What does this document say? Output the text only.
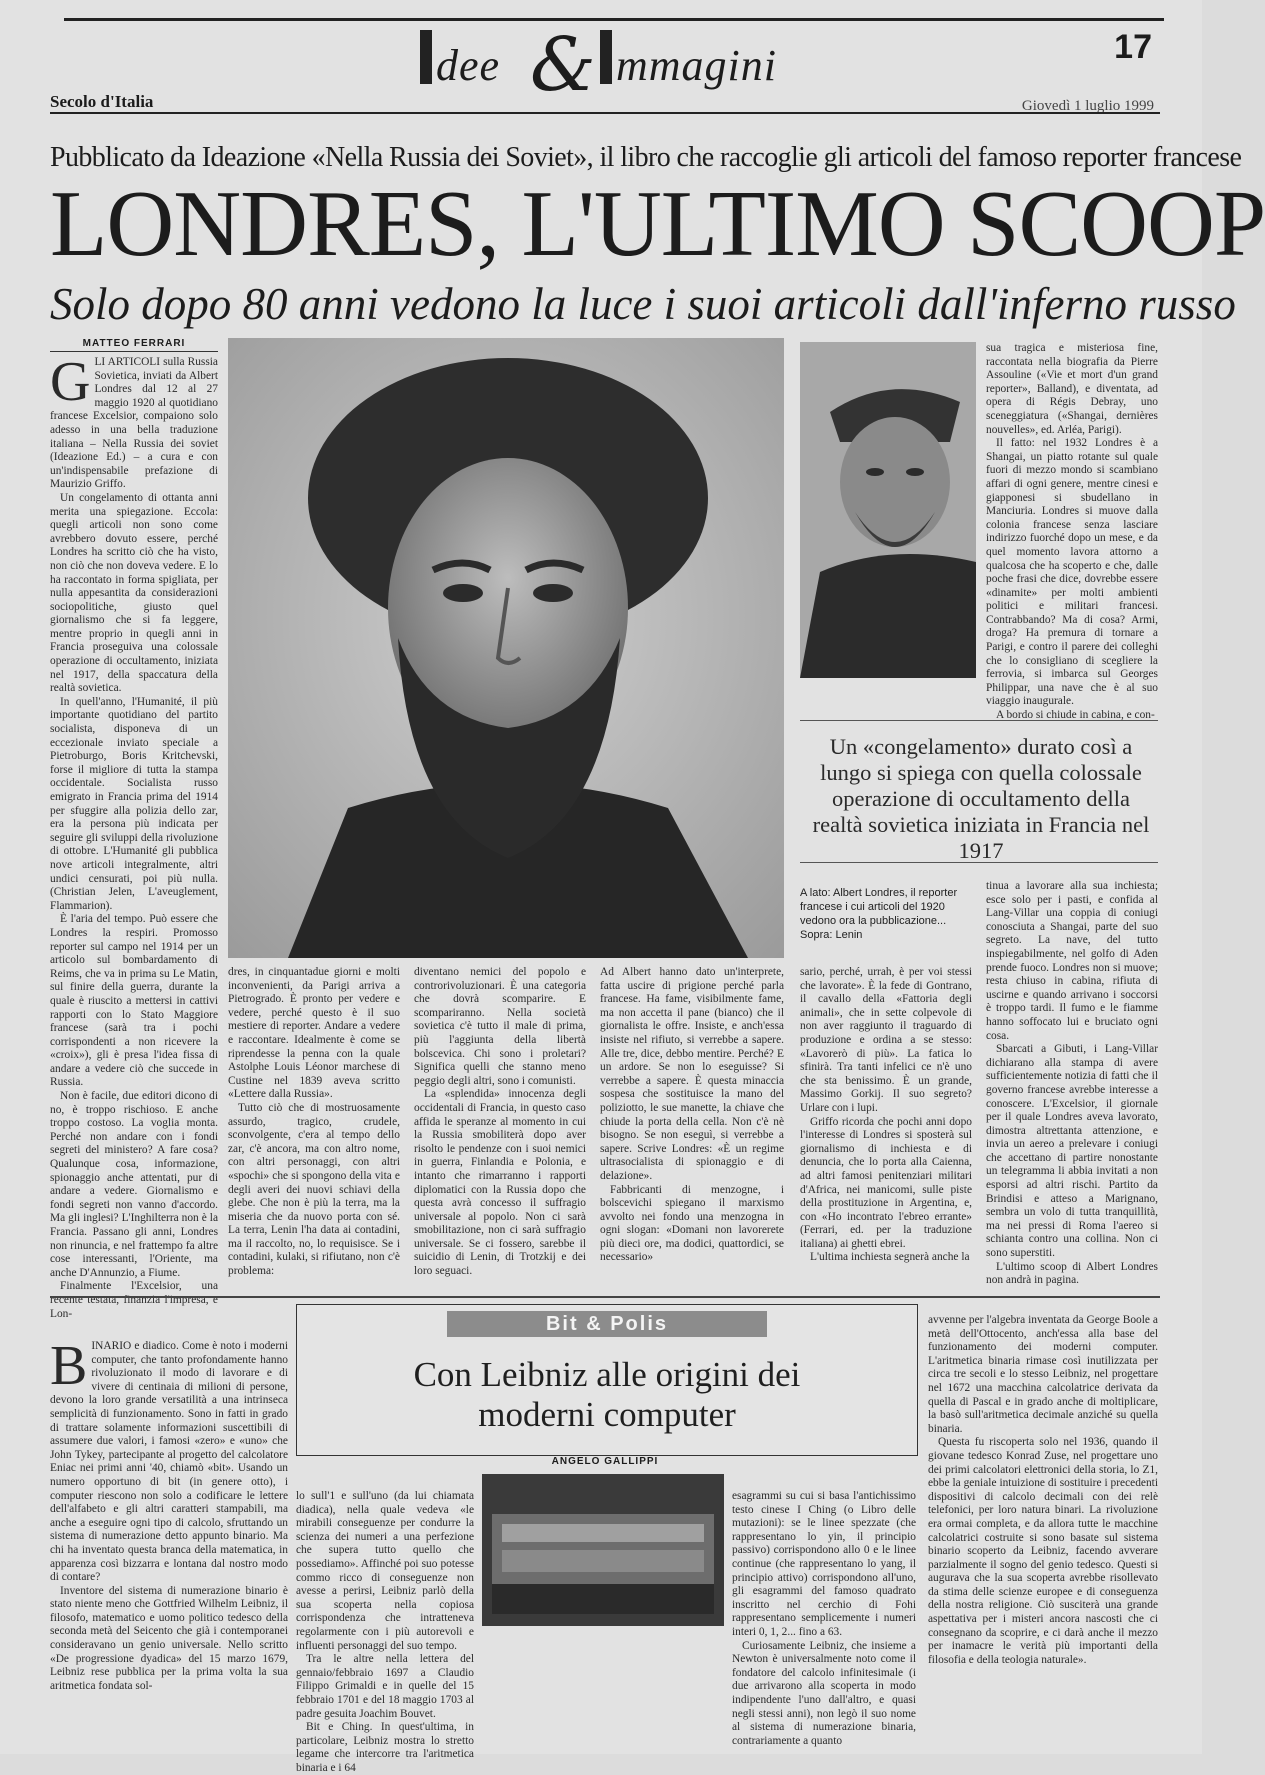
dee & mmagini	17
Secolo d'Italia	Giovedì 1 luglio 1999
Pubblicato da Ideazione «Nella Russia dei Soviet», il libro che raccoglie gli articoli del famoso reporter francese
LONDRES, L'ULTIMO SCOOP
Solo dopo 80 anni vedono la luce i suoi articoli dall'inferno russo
MATTEO FERRARI
G LI ARTICOLI sulla Russia Sovietica, inviati da Albert Londres dal 12 al 27 maggio 1920 al quotidiano francese Excelsior, compaiono solo adesso in una bella traduzione italiana – Nella Russia dei soviet (Ideazione Ed.) – a cura e con un'indispensabile prefazione di Maurizio Griffo.

Un congelamento di ottanta anni merita una spiegazione. Eccola: quegli articoli non sono come avrebbero dovuto essere, perché Londres ha scritto ciò che ha visto, non ciò che non doveva vedere. E lo ha raccontato in forma spigliata, per nulla appesantita da considerazioni sociopolitiche, giusto quel giornalismo che si fa leggere, mentre proprio in quegli anni in Francia proseguiva una colossale operazione di occultamento, iniziata nel 1917, della spaccatura della realtà sovietica.

In quell'anno, l'Humanité, il più importante quotidiano del partito socialista, disponeva di un eccezionale inviato speciale a Pietroburgo, Boris Kritchevski, forse il migliore di tutta la stampa occidentale. Socialista russo emigrato in Francia prima del 1914 per sfuggire alla polizia dello zar, era la persona più indicata per seguire gli sviluppi della rivoluzione di ottobre. L'Humanité gli pubblica nove articoli integralmente, altri undici censurati, poi più nulla. (Christian Jelen, L'aveuglement, Flammarion).

È l'aria del tempo. Può essere che Londres la respiri. Promosso reporter sul campo nel 1914 per un articolo sul bombardamento di Reims, che va in prima su Le Matin, sul finire della guerra, durante la quale è riuscito a mettersi in cattivi rapporti con lo Stato Maggiore francese (sarà tra i pochi corrispondenti a non ricevere la «croix»), gli è presa l'idea fissa di andare a vedere ciò che succede in Russia.

Non è facile, due editori dicono di no, è troppo rischioso. E anche troppo costoso. La voglia monta. Perché non andare con i fondi segreti del ministero? A fare cosa? Qualunque cosa, informazione, spionaggio anche attentati, pur di andare a vedere. Giornalismo e fondi segreti non vanno d'accordo. Ma gli inglesi? L'Inghilterra non è la Francia. Passano gli anni, Londres non rinuncia, e nel frattempo fa altre cose interessanti, l'Oriente, ma anche D'Annunzio, a Fiume.

Finalmente l'Excelsior, una recente testata, finanzia l'impresa, e Lon-

sua tragica e misteriosa fine, raccontata nella biografia da Pierre Assouline («Vie et mort d'un grand reporter», Balland), e diventata, ad opera di Régis Debray, uno sceneggiatura («Shangai, dernières nouvelles», ed. Arléa, Parigi).

Il fatto: nel 1932 Londres è a Shangai, un piatto rotante sul quale fuori di mezzo mondo si scambiano affari di ogni genere, mentre cinesi e giapponesi si sbudellano in Manciuria. Londres si muove dalla colonia francese senza lasciare indirizzo fuorché dopo un mese, e da quel momento lavora attorno a qualcosa che ha scoperto e che, dalle poche frasi che dice, dovrebbe essere «dinamite» per molti ambienti politici e militari francesi. Contrabbando? Ma di cosa? Armi, droga? Ha premura di tornare a Parigi, e contro il parere dei colleghi che lo consigliano di scegliere la ferrovia, si imbarca sul Georges Philippar, una nave che è al suo viaggio inaugurale.

A bordo si chiude in cabina, e con-

Un «congelamento» durato così a lungo si spiega con quella colossale operazione di occultamento della realtà sovietica iniziata in Francia nel 1917
A lato: Albert Londres, il reporter francese i cui articoli del 1920 vedono ora la pubblicazione... Sopra: Lenin

tinua a lavorare alla sua inchiesta; esce solo per i pasti, e confida al Lang-Villar una coppia di coniugi conosciuta a Shangai, parte del suo segreto. La nave, del tutto inspiegabilmente, nel golfo di Aden prende fuoco. Londres non si muove; resta chiuso in cabina, rifiuta di uscirne e quando arrivano i soccorsi è troppo tardi. Il fumo e le fiamme hanno soffocato lui e bruciato ogni cosa.

Sbarcati a Gibuti, i Lang-Villar dichiarano alla stampa di avere sufficientemente notizia di fatti che il governo francese avrebbe interesse a conoscere. L'Excelsior, il giornale per il quale Londres aveva lavorato, dimostra altrettanta attenzione, e invia un aereo a prelevare i coniugi che accettano di partire nonostante un telegramma li abbia invitati a non esporsi ad altri rischi. Partito da Brindisi e atteso a Marignano, sembra un volo di tutta tranquillità, ma nei pressi di Roma l'aereo si schianta contro una collina. Non ci sono superstiti.

L'ultimo scoop di Albert Londres non andrà in pagina.

dres, in cinquantadue giorni e molti inconvenienti, da Parigi arriva a Pietrogrado. È pronto per vedere e vedere, perché questo è il suo mestiere di reporter. Andare a vedere e raccontare. Idealmente è come se riprendesse la penna con la quale Astolphe Louis Léonor marchese di Custine nel 1839 aveva scritto «Lettere dalla Russia».

Tutto ciò che di mostruosamente assurdo, tragico, crudele, sconvolgente, c'era al tempo dello zar, c'è ancora, ma con altro nome, con altri personaggi, con altri «spochi» che si spongono della vita e degli averi dei nuovi schiavi della glebe. Che non è più la terra, ma la miseria che da nuovo porta con sé. La terra, Lenin l'ha data ai contadini, ma il raccolto, no, lo requisisce. Se i contadini, kulaki, si rifiutano, non c'è problema:

diventano nemici del popolo e controrivoluzionari. È una categoria che dovrà scomparire. E scompariranno. Nella società sovietica c'è tutto il male di prima, più l'aggiunta della libertà bolscevica. Chi sono i proletari? Significa quelli che stanno meno peggio degli altri, sono i comunisti.

La «splendida» innocenza degli occidentali di Francia, in questo caso affida le speranze al momento in cui la Russia smobiliterà dopo aver risolto le pendenze con i suoi nemici in guerra, Finlandia e Polonia, e intanto che rimarranno i rapporti diplomatici con la Russia dopo che questa avrà concesso il suffragio universale al popolo. Non ci sarà smobilitazione, non ci sarà suffragio universale. Se ci fossero, sarebbe il suicidio di Lenin, di Trotzkij e dei loro seguaci.

Ad Albert hanno dato un'interprete, fatta uscire di prigione perché parla francese. Ha fame, visibilmente fame, ma non accetta il pane (bianco) che il giornalista le offre. Insiste, e anch'essa insiste nel rifiuto, si verrebbe a sapere. Alle tre, dice, debbo mentire. Perché? E un ardore. Se non lo eseguisse? Si verrebbe a sapere. È questa minaccia sospesa che sostituisce la mano del poliziotto, le sue manette, la chiave che chiude la porta della cella. Non c'è nè bisogno. Se non eseguì, si verrebbe a sapere. Scrive Londres: «È un regime ultrasocialista di spionaggio e di delazione».

Fabbricanti di menzogne, i bolscevichi spiegano il marxismo avvolto nei fondo una menzogna in ogni slogan: «Domani non lavorerete più dieci ore, ma dodici, quattordici, se necessario»

sario, perché, urrah, è per voi stessi che lavorate». È la fede di Gontrano, il cavallo della «Fattoria degli animali», che in sette colpevole di non aver raggiunto il traguardo di produzione e ordina a se stesso: «Lavorerò di più». La fatica lo sfinirà. Tra tanti infelici ce n'è uno che sta benissimo. È un grande, Massimo Gorkij. Il suo segreto? Urlare con i lupi.

Griffo ricorda che pochi anni dopo l'interesse di Londres si sposterà sul giornalismo di inchiesta e di denuncia, che lo porta alla Caienna, ad altri famosi penitenziari militari d'Africa, nei manicomi, sulle piste della prostituzione in Argentina, e, con «Ho incontrato l'ebreo errante» (Ferrari, ed. per la traduzione italiana) ai ghetti ebrei.

L'ultima inchiesta segnerà anche la

Bit & Polis
Con Leibniz alle origini dei moderni computer
ANGELO GALLIPPI
B INARIO e diadico. Come è noto i moderni computer, che tanto profondamente hanno rivoluzionato il modo di lavorare e di vivere di centinaia di milioni di persone, devono la loro grande versatilità a una intrinseca semplicità di funzionamento. Sono in fatti in grado di trattare solamente informazioni suscettibili di assumere due valori, i famosi «zero» e «uno» che John Tykey, partecipante al progetto del calcolatore Eniac nei primi anni '40, chiamò «bit». Usando un numero opportuno di bit (in genere otto), i computer riescono non solo a codificare le lettere dell'alfabeto e gli altri caratteri stampabili, ma anche a eseguire ogni tipo di calcolo, sfruttando un sistema di numerazione detto appunto binario. Ma chi ha inventato questa branca della matematica, in apparenza così bizzarra e lontana dal nostro modo di contare?

Inventore del sistema di numerazione binario è stato niente meno che Gottfried Wilhelm Leibniz, il filosofo, matematico e uomo politico tedesco della seconda metà del Seicento che già i contemporanei consideravano un genio universale. Nello scritto «De progressione dyadica» del 15 marzo 1679, Leibniz rese pubblica per la prima volta la sua aritmetica fondata sol-

lo sull'1 e sull'uno (da lui chiamata diadica), nella quale vedeva «le mirabili conseguenze per condurre la scienza dei numeri a una perfezione che supera tutto quello che possediamo». Affinché poi suo potesse commo ricco di conseguenze non avesse a perirsi, Leibniz parlò della sua scoperta nella copiosa corrispondenza che intratteneva regolarmente con i più autorevoli e influenti personaggi del suo tempo.

Tra le altre nella lettera del gennaio/febbraio 1697 a Claudio Filippo Grimaldi e in quelle del 15 febbraio 1701 e del 18 maggio 1703 al padre gesuita Joachim Bouvet.

Bit e Ching. In quest'ultima, in particolare, Leibniz mostra lo stretto legame che intercorre tra l'aritmetica binaria e i 64

esagrammi su cui si basa l'antichissimo testo cinese I Ching (o Libro delle mutazioni): se le linee spezzate (che rappresentano lo yin, il principio passivo) corrispondono allo 0 e le linee continue (che rappresentano lo yang, il principio attivo) corrispondono all'uno, gli esagrammi del famoso quadrato inscritto nel cerchio di Fohi rappresentano semplicemente i numeri interi 0, 1, 2... fino a 63.

Curiosamente Leibniz, che insieme a Newton è universalmente noto come il fondatore del calcolo infinitesimale (i due arrivarono alla scoperta in modo indipendente l'uno dall'altro, e quasi negli stessi anni), non legò il suo nome al sistema di numerazione binaria, contrariamente a quanto

avvenne per l'algebra inventata da George Boole a metà dell'Ottocento, anch'essa alla base del funzionamento dei moderni computer. L'aritmetica binaria rimase così inutilizzata per circa tre secoli e lo stesso Leibniz, nel progettare nel 1672 una macchina calcolatrice derivata da quella di Pascal e in grado anche di moltiplicare, la basò sull'aritmetica decimale anziché su quella binaria.

Questa fu riscoperta solo nel 1936, quando il giovane tedesco Konrad Zuse, nel progettare uno dei primi calcolatori elettronici della storia, lo Z1, ebbe la geniale intuizione di sostituire i precedenti dispositivi di calcolo decimali con dei relè telefonici, per loro natura binari. La rivoluzione era ormai completa, e da allora tutte le macchine calcolatrici costruite si sono basate sul sistema binario scoperto da Leibniz, facendo avverare parzialmente il sogno del genio tedesco. Questi si augurava che la sua scoperta avrebbe risollevato da stima delle scienze europee e di conseguenza della nostra religione. Ciò susciterà una grande aspettativa per i misteri ancora nascosti che ci consegnano da scoprire, e ci darà anche il mezzo per inamacre le verità più importanti della filosofia e della teologia naturale».
